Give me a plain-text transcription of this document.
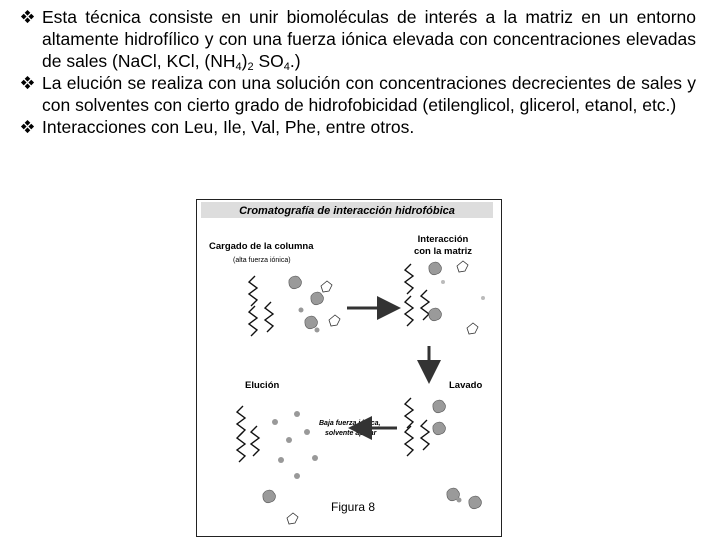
Esta técnica consiste en unir biomoléculas de interés a la matriz en un entorno altamente hidrofílico y con una fuerza iónica elevada con concentraciones elevadas de sales (NaCl, KCl, $(NH_4)_2$ $SO_4$.)

La elución se realiza con una solución con concentraciones decrecientes de sales y con solventes con cierto grado de hidrofobicidad (etilenglicol, glicerol, etanol, etc.)

Interacciones con Leu, Ile, Val, Phe, entre otros.

Cromatografía de interacción hidrofóbica
Cargado de la columna
(alta fuerza iónica)
Interacción
con la matriz
Elución	Lavado
Baja fuerza iónica,
solvente apolar
Figura 8
